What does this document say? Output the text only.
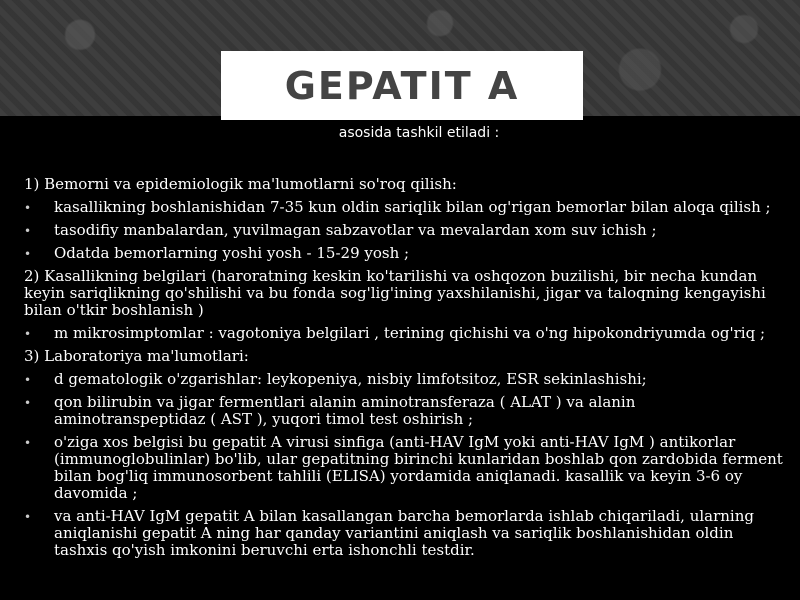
GEPATIT A

asosida tashkil etiladi :

1) Bemorni va epidemiologik ma'lumotlarni so'roq qilish:
• kasallikning boshlanishidan 7-35 kun oldin sariqlik bilan og'rigan bemorlar bilan aloqa qilish ;
• tasodifiy manbalardan, yuvilmagan sabzavotlar va mevalardan xom suv ichish ;
• Odatda bemorlarning yoshi yosh - 15-29 yosh ;
2) Kasallikning belgilari (haroratning keskin ko'tarilishi va oshqozon buzilishi, bir necha kundan keyin sariqlikning qo'shilishi va bu fonda sog'lig'ining yaxshilanishi, jigar va taloqning kengayishi bilan o'tkir boshlanish )
• m mikrosimptomlar : vagotoniya belgilari , terining qichishi va o'ng hipokondriyumda og'riq ;
3) Laboratoriya ma'lumotlari:
• d gematologik o'zgarishlar: leykopeniya, nisbiy limfotsitoz, ESR sekinlashishi;
• qon bilirubin va jigar fermentlari alanin aminotransferaza ( ALAT ) va alanin aminotranspeptidaz ( AST ), yuqori timol test oshirish ;
• o'ziga xos belgisi bu gepatit A virusi sinfiga (anti-HAV IgM yoki anti-HAV IgM ) antikorlar (immunoglobulinlar) bo'lib, ular gepatitning birinchi kunlaridan boshlab qon zardobida ferment bilan bog'liq immunosorbent tahlili (ELISA) yordamida aniqlanadi. kasallik va keyin 3-6 oy davomida ;
• va anti-HAV IgM gepatit A bilan kasallangan barcha bemorlarda ishlab chiqariladi, ularning aniqlanishi gepatit A ning har qanday variantini aniqlash va sariqlik boshlanishidan oldin tashxis qo'yish imkonini beruvchi erta ishonchli testdir.
